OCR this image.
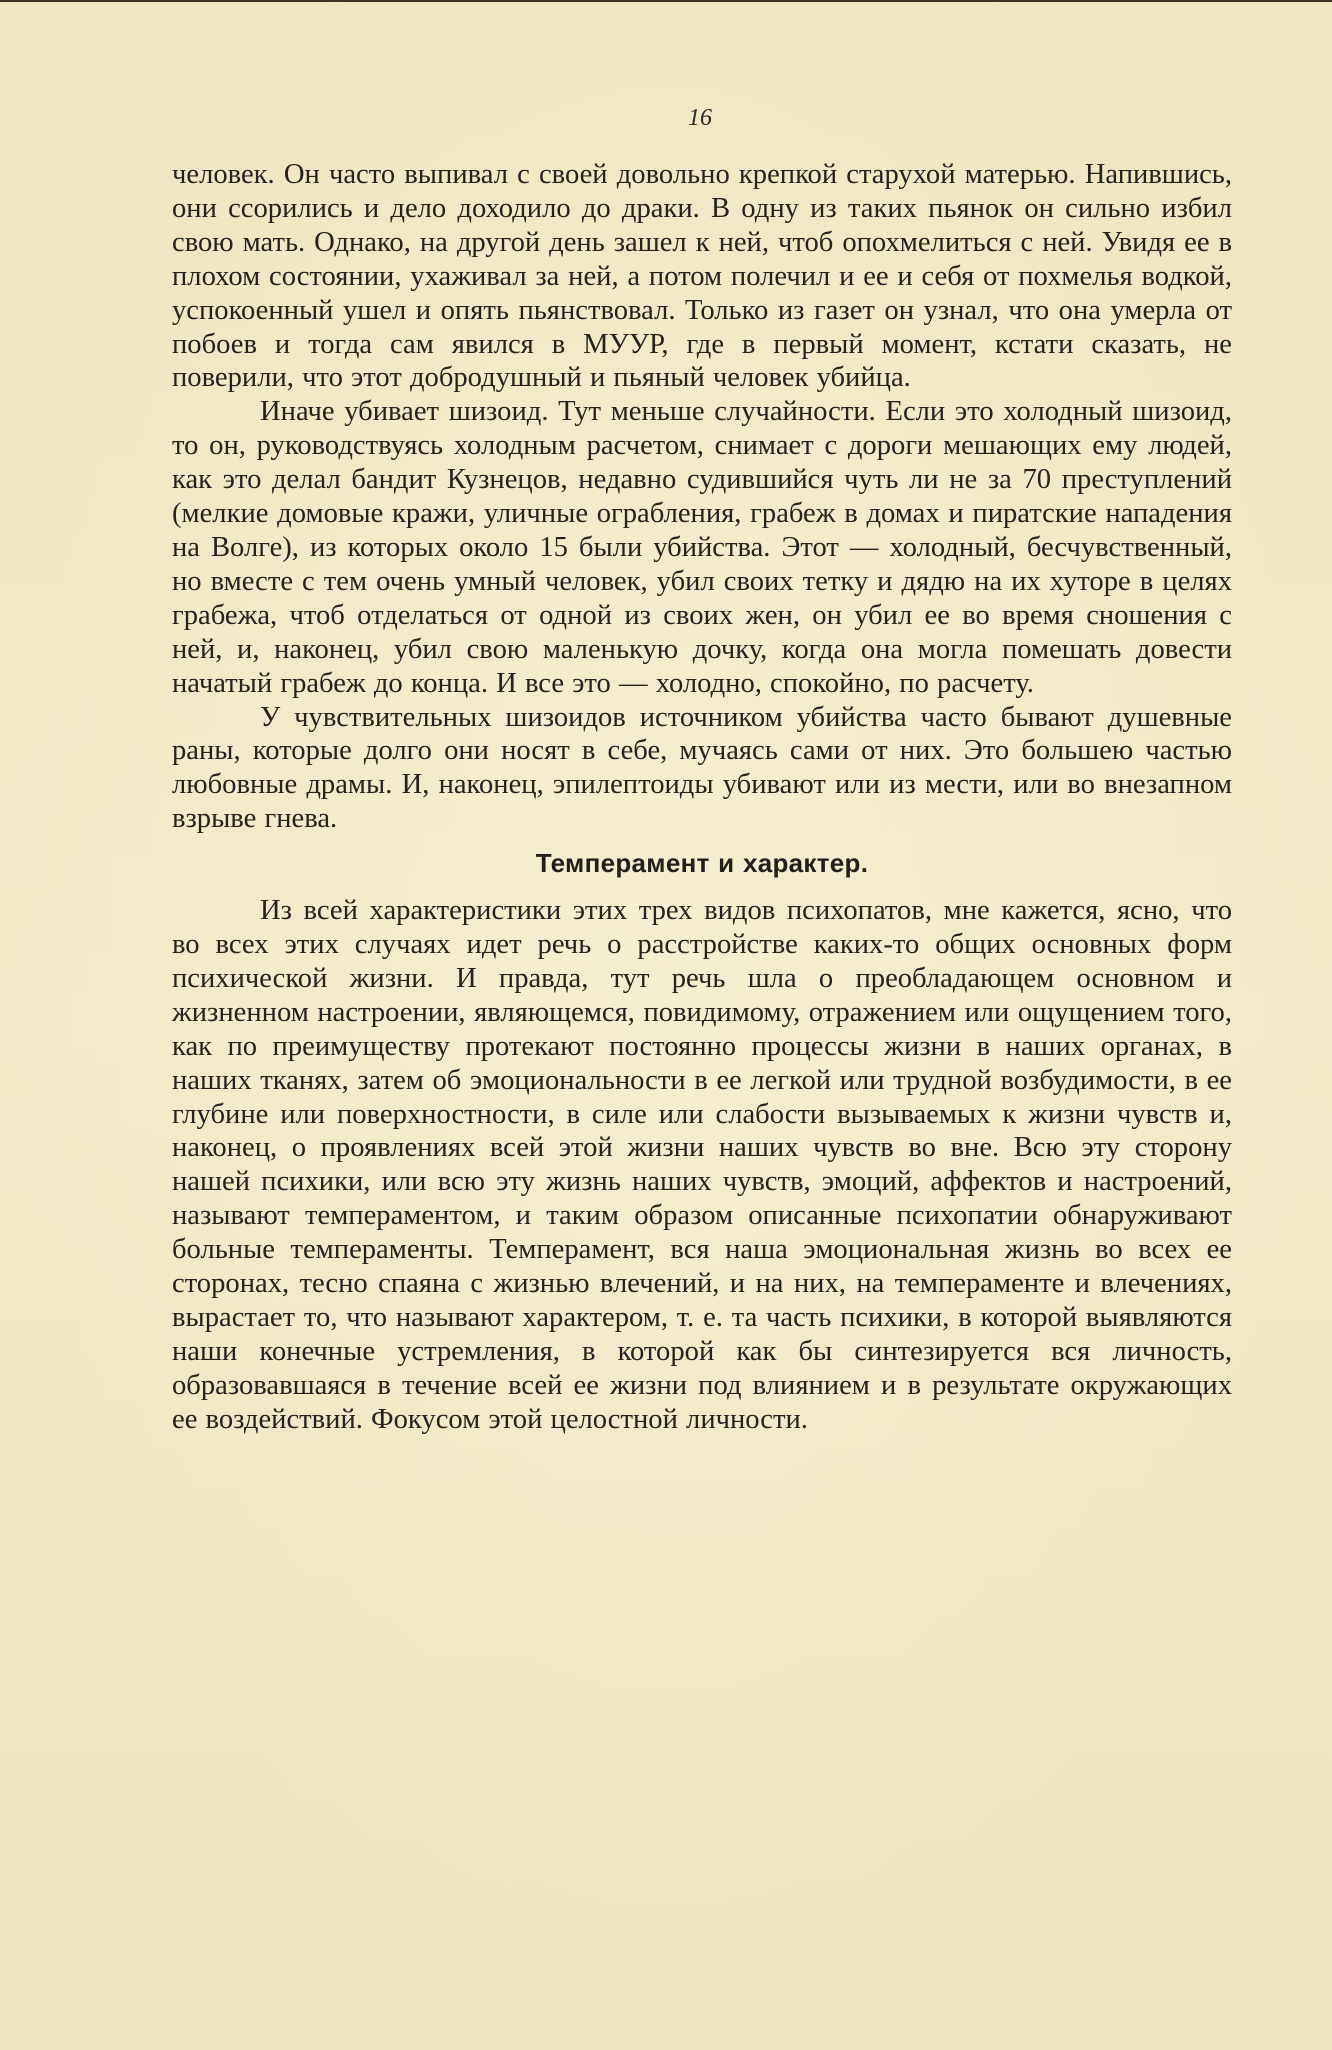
16

человек. Он часто выпивал с своей довольно крепкой старухой матерью. Напившись, они ссорились и дело доходило до драки. В одну из таких пьянок он сильно избил свою мать. Однако, на другой день зашел к ней, чтоб опохмелиться с ней. Увидя ее в плохом состоянии, ухаживал за ней, а потом полечил и ее и себя от похмелья водкой, успокоенный ушел и опять пьянствовал. Только из газет он узнал, что она умерла от побоев и тогда сам явился в МУУР, где в первый момент, кстати сказать, не поверили, что этот добродушный и пьяный человек убийца.

Иначе убивает шизоид. Тут меньше случайности. Если это холодный шизоид, то он, руководствуясь холодным расчетом, снимает с дороги мешающих ему людей, как это делал бандит Кузнецов, недавно судившийся чуть ли не за 70 преступлений (мелкие домовые кражи, уличные ограбления, грабеж в домах и пиратские нападения на Волге), из которых около 15 были убийства. Этот — холодный, бесчувственный, но вместе с тем очень умный человек, убил своих тетку и дядю на их хуторе в целях грабежа, чтоб отделаться от одной из своих жен, он убил ее во время сношения с ней, и, наконец, убил свою маленькую дочку, когда она могла помешать довести начатый грабеж до конца. И все это — холодно, спокойно, по расчету.

У чувствительных шизоидов источником убийства часто бывают душевные раны, которые долго они носят в себе, мучаясь сами от них. Это большею частью любовные драмы. И, наконец, эпилептоиды убивают или из мести, или во внезапном взрыве гнева.

Темперамент и характер.

Из всей характеристики этих трех видов психопатов, мне кажется, ясно, что во всех этих случаях идет речь о расстройстве каких-то общих основных форм психической жизни. И правда, тут речь шла о преобладающем основном и жизненном настроении, являющемся, повидимому, отражением или ощущением того, как по преимуществу протекают постоянно процессы жизни в наших органах, в наших тканях, затем об эмоциональности в ее легкой или трудной возбудимости, в ее глубине или поверхностности, в силе или слабости вызываемых к жизни чувств и, наконец, о проявлениях всей этой жизни наших чувств во вне. Всю эту сторону нашей психики, или всю эту жизнь наших чувств, эмоций, аффектов и настроений, называют темпераментом, и таким образом описанные психопатии обнаруживают больные темпераменты. Темперамент, вся наша эмоциональная жизнь во всех ее сторонах, тесно спаяна с жизнью влечений, и на них, на темпераменте и влечениях, вырастает то, что называют характером, т. е. та часть психики, в которой выявляются наши конечные устремления, в которой как бы синтезируется вся личность, образовавшаяся в течение всей ее жизни под влиянием и в результате окружающих ее воздействий. Фокусом этой целостной личности.
